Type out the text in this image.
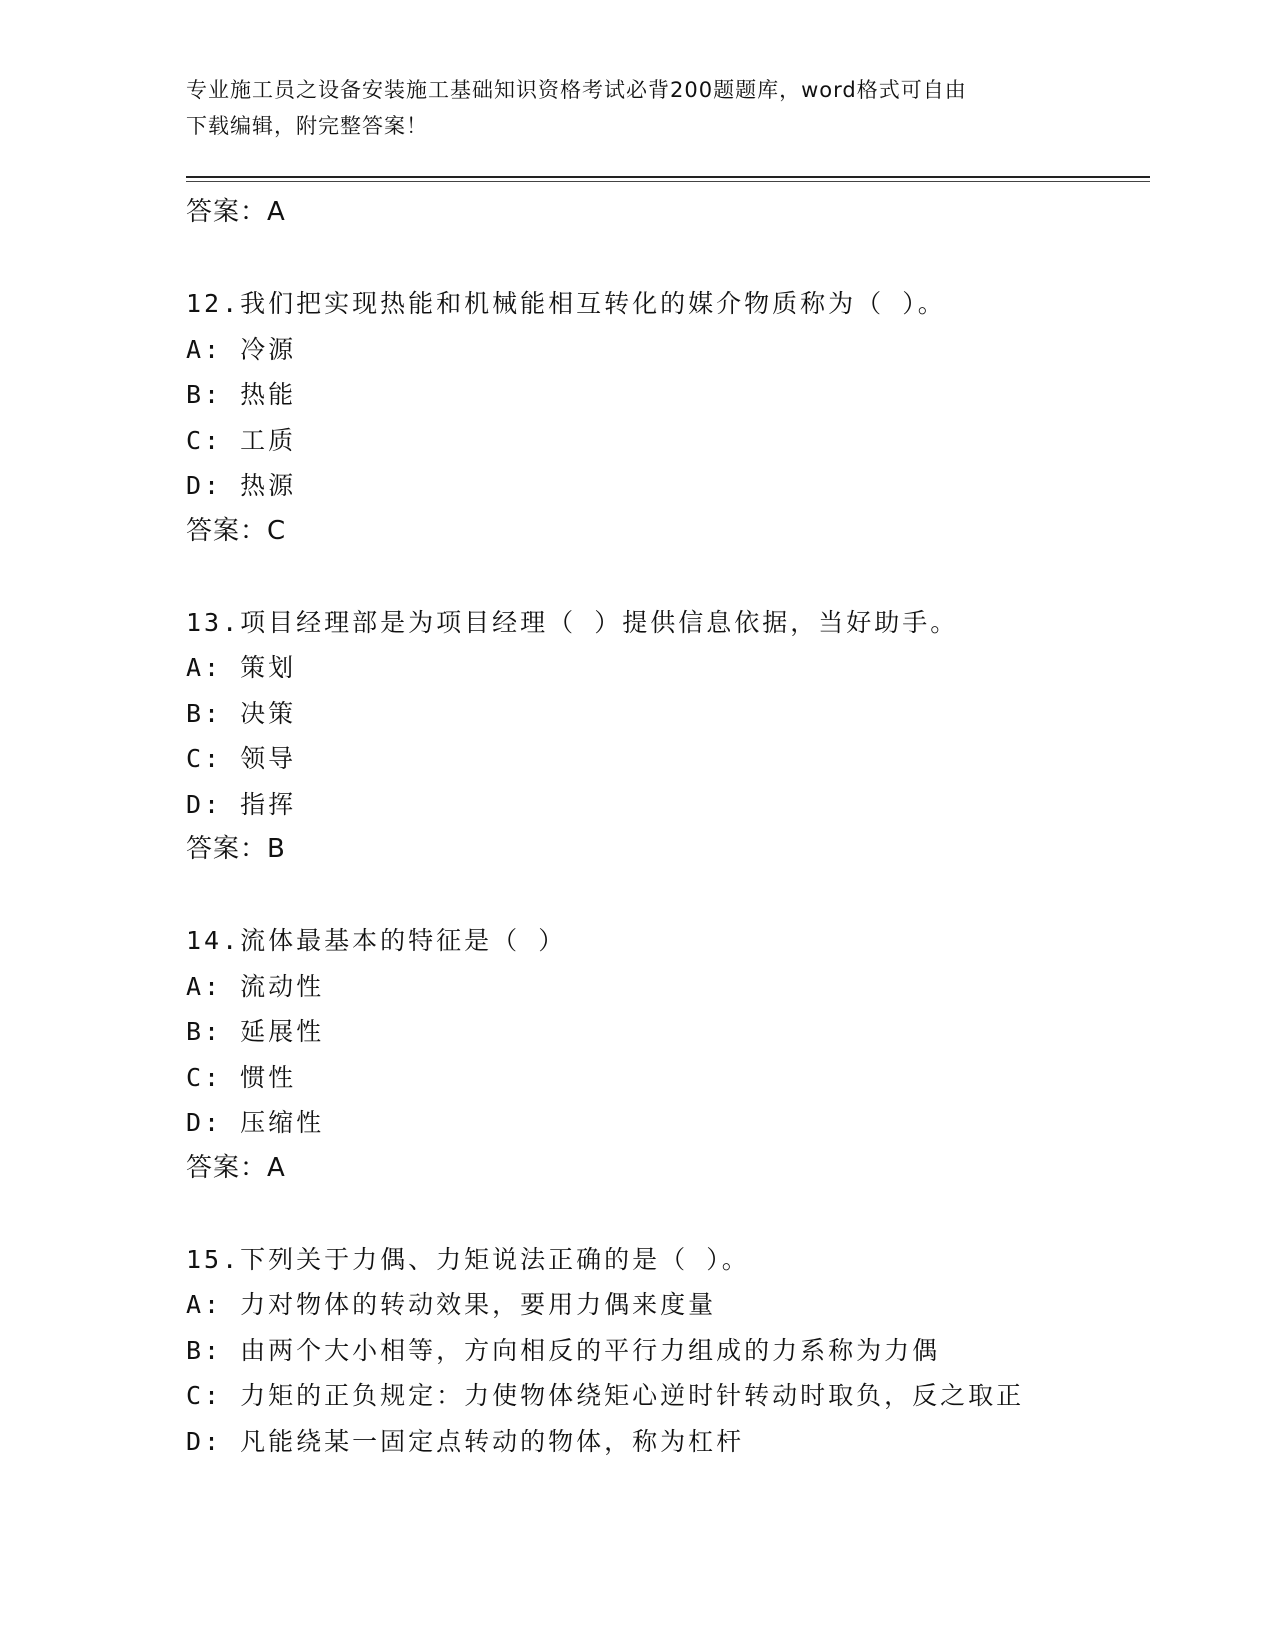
专业施工员之设备安装施工基础知识资格考试必背200题题库，word格式可自由
下载编辑，附完整答案！
答案：A
12.我们把实现热能和机械能相互转化的媒介物质称为（ ）。
A: 冷源
B: 热能
C: 工质
D: 热源
答案：C
13.项目经理部是为项目经理（ ）提供信息依据，当好助手。
A: 策划
B: 决策
C: 领导
D: 指挥
答案：B
14.流体最基本的特征是（ ）
A: 流动性
B: 延展性
C: 惯性
D: 压缩性
答案：A
15.下列关于力偶、力矩说法正确的是（ ）。
A: 力对物体的转动效果，要用力偶来度量
B: 由两个大小相等，方向相反的平行力组成的力系称为力偶
C: 力矩的正负规定：力使物体绕矩心逆时针转动时取负，反之取正
D: 凡能绕某一固定点转动的物体，称为杠杆
